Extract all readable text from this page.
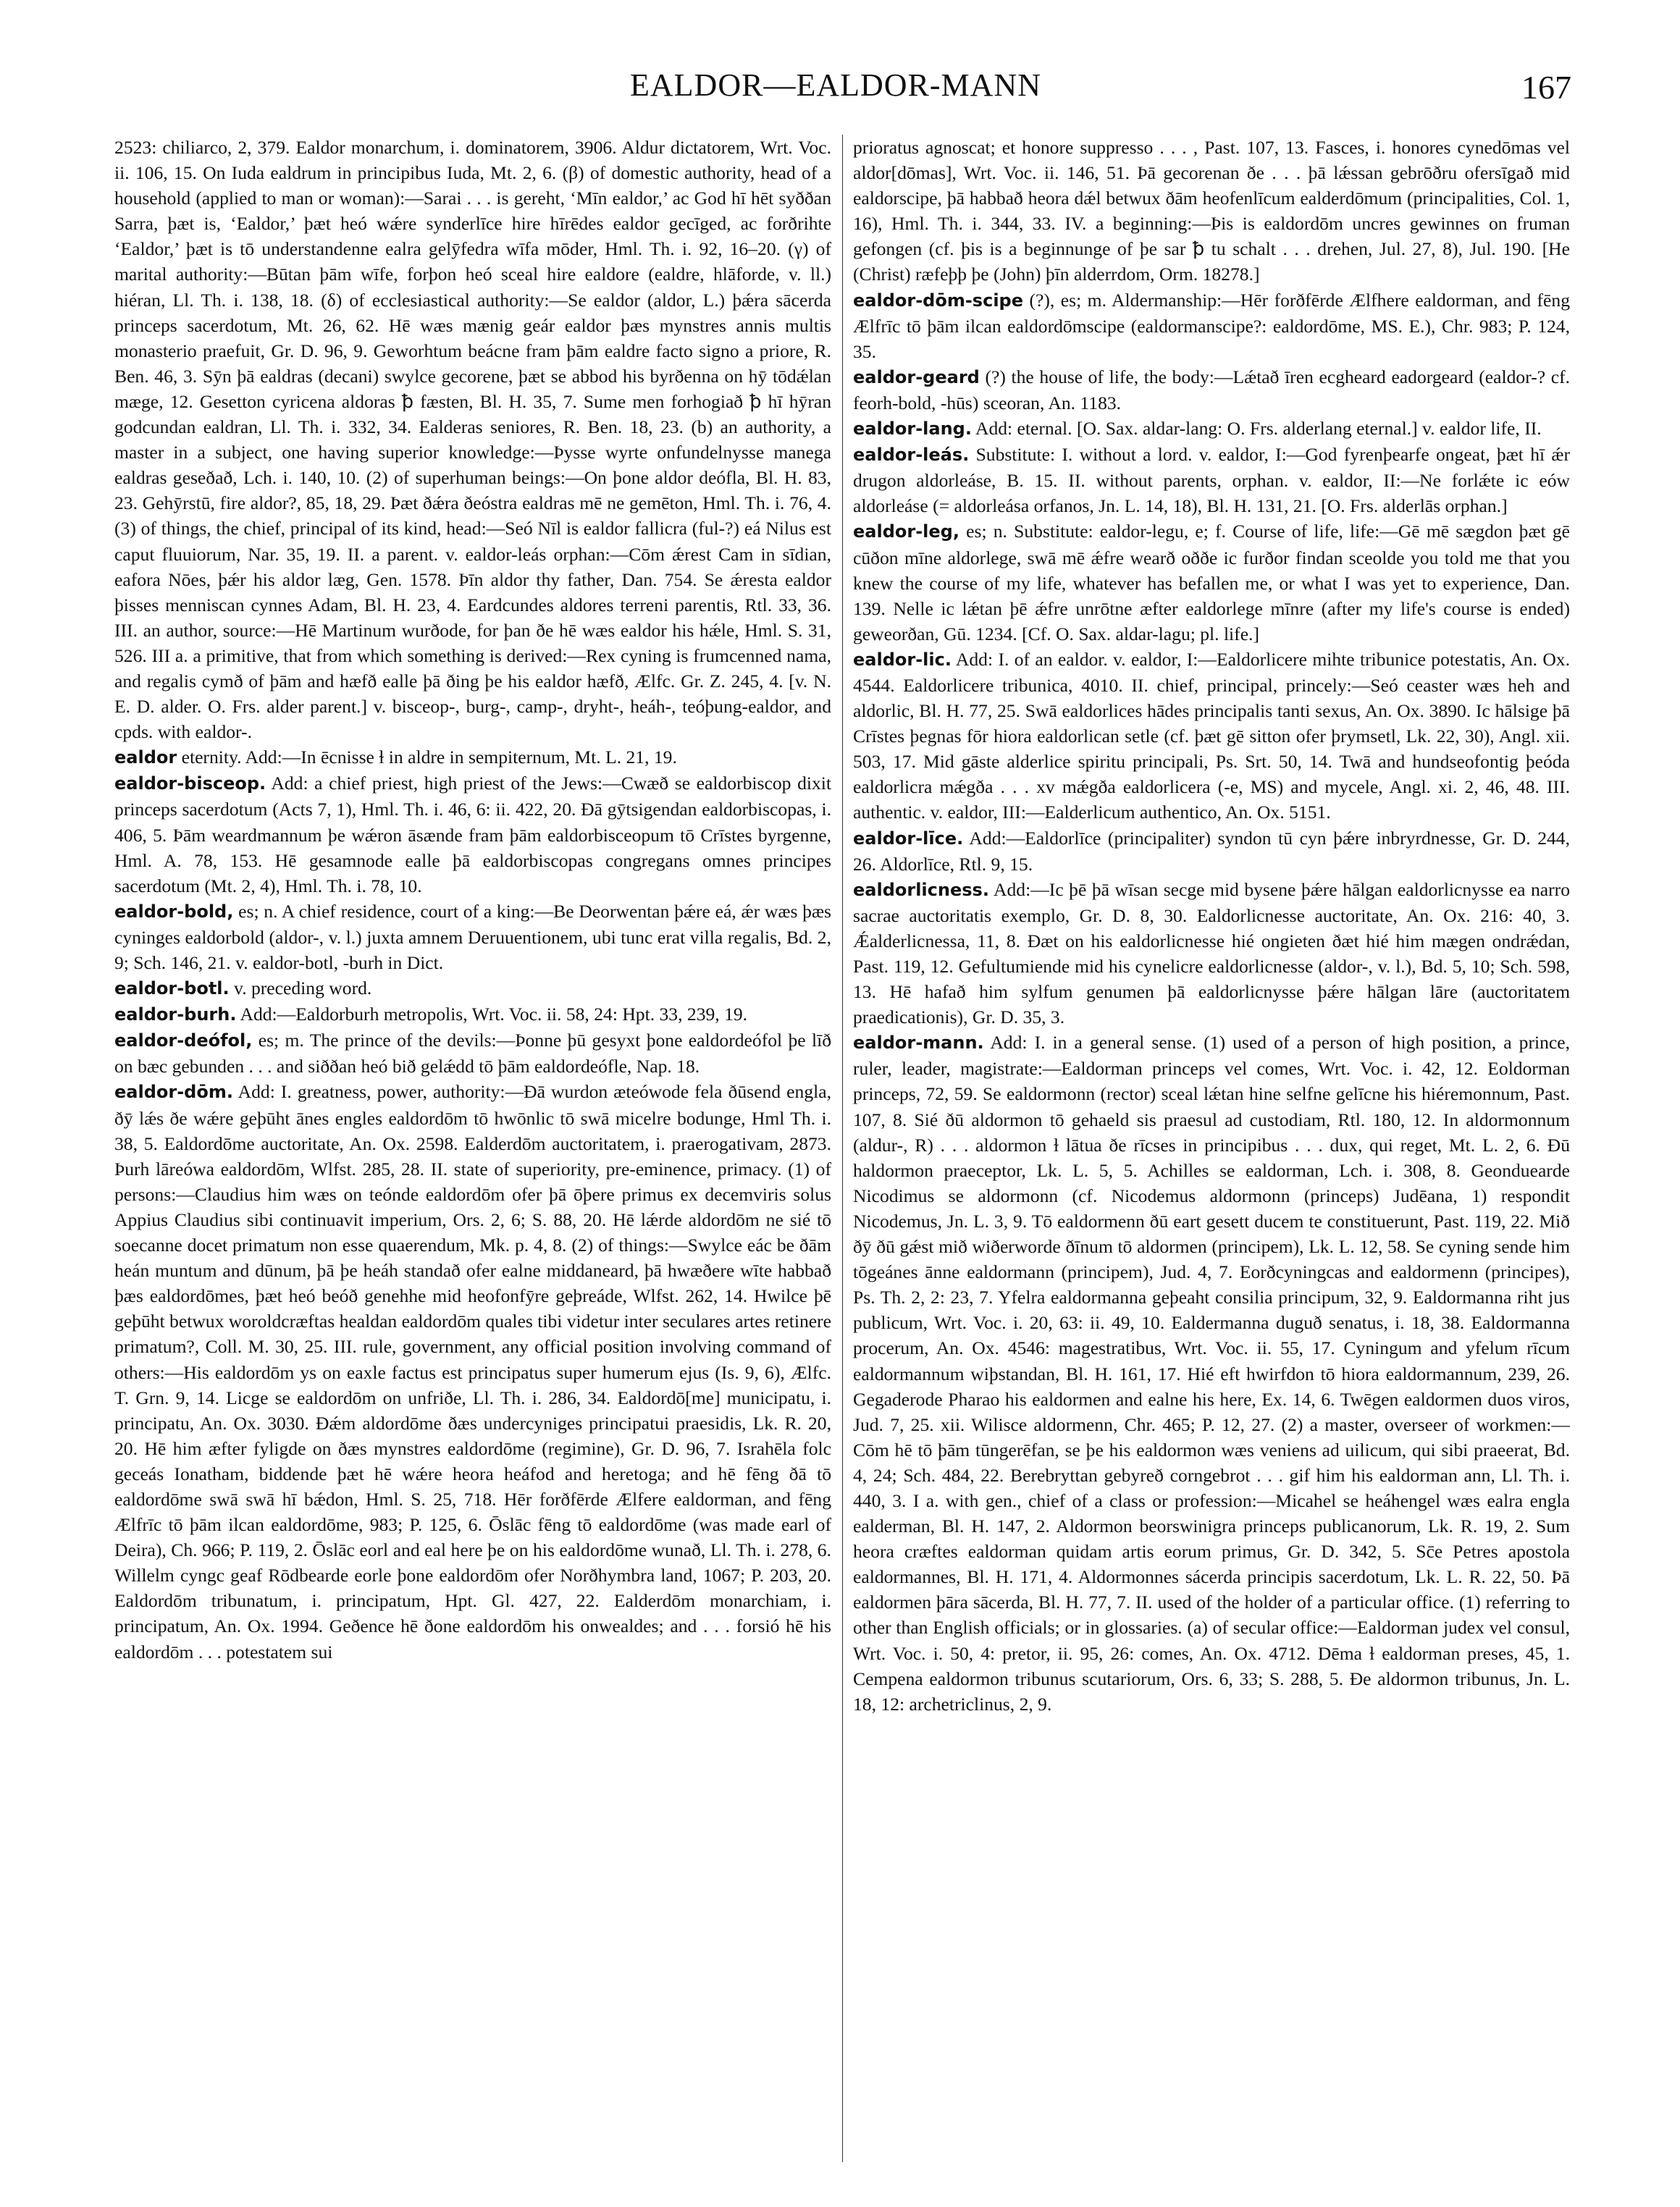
EALDOR—EALDOR-MANN	167

2523: chiliarco, 2, 379. Ealdor monarchum, i. dominatorem, 3906. Aldur dictatorem, Wrt. Voc. ii. 106, 15. On Iuda ealdrum in principibus Iuda, Mt. 2, 6. (β) of domestic authority, head of a household (applied to man or woman):—Sarai . . . is gereht, ‘Mīn ealdor,’ ac God hī hēt syððan Sarra, þæt is, ‘Ealdor,’ þæt heó wǽre synderlīce hire hīrēdes ealdor gecīged, ac forðrihte ‘Ealdor,’ þæt is tō understandenne ealra gelȳfedra wīfa mōder, Hml. Th. i. 92, 16–20. (γ) of marital authority:—Būtan þām wīfe, forþon heó sceal hire ealdore (ealdre, hlāforde, v. ll.) hiéran, Ll. Th. i. 138, 18. (δ) of ecclesiastical authority:—Se ealdor (aldor, L.) þǽra sācerda princeps sacerdotum, Mt. 26, 62. Hē wæs mænig geár ealdor þæs mynstres annis multis monasterio praefuit, Gr. D. 96, 9. Geworhtum beácne fram þām ealdre facto signo a priore, R. Ben. 46, 3. Sȳn þā ealdras (decani) swylce gecorene, þæt se abbod his byrðenna on hȳ tōdǽlan mæge, 12. Gesetton cyricena aldoras ꝥ fæsten, Bl. H. 35, 7. Sume men forhogiað ꝥ hī hȳran godcundan ealdran, Ll. Th. i. 332, 34. Ealderas seniores, R. Ben. 18, 23. (b) an authority, a master in a subject, one having superior knowledge:—Þysse wyrte onfundelnysse manega ealdras geseðað, Lch. i. 140, 10. (2) of superhuman beings:—On þone aldor deófla, Bl. H. 83, 23. Gehȳrstū, fire aldor?, 85, 18, 29. Þæt ðǽra ðeóstra ealdras mē ne gemēton, Hml. Th. i. 76, 4. (3) of things, the chief, principal of its kind, head:—Seó Nīl is ealdor fallicra (ful-?) eá Nilus est caput fluuiorum, Nar. 35, 19. II. a parent. v. ealdor-leás orphan:—Cōm ǽrest Cam in sīdian, eafora Nōes, þǽr his aldor læg, Gen. 1578. Þīn aldor thy father, Dan. 754. Se ǽresta ealdor þisses menniscan cynnes Adam, Bl. H. 23, 4. Eardcundes aldores terreni parentis, Rtl. 33, 36. III. an author, source:—Hē Martinum wurðode, for þan ðe hē wæs ealdor his hǽle, Hml. S. 31, 526. III a. a primitive, that from which something is derived:—Rex cyning is frumcenned nama, and regalis cymð of þām and hæfð ealle þā ðing þe his ealdor hæfð, Ælfc. Gr. Z. 245, 4. [v. N. E. D. alder. O. Frs. alder parent.] v. bisceop-, burg-, camp-, dryht-, heáh-, teóþung-ealdor, and cpds. with ealdor-.

ealdor eternity. Add:—In ēcnisse ɫ in aldre in sempiternum, Mt. L. 21, 19.

ealdor-bisceop. Add: a chief priest, high priest of the Jews:—Cwæð se ealdorbiscop dixit princeps sacerdotum (Acts 7, 1), Hml. Th. i. 46, 6: ii. 422, 20. Ðā gȳtsigendan ealdorbiscopas, i. 406, 5. Þām weardmannum þe wǽron āsænde fram þām ealdorbisceopum tō Crīstes byrgenne, Hml. A. 78, 153. Hē gesamnode ealle þā ealdorbiscopas congregans omnes principes sacerdotum (Mt. 2, 4), Hml. Th. i. 78, 10.

ealdor-bold, es; n. A chief residence, court of a king:—Be Deorwentan þǽre eá, ǽr wæs þæs cyninges ealdorbold (aldor-, v. l.) juxta amnem Deruuentionem, ubi tunc erat villa regalis, Bd. 2, 9; Sch. 146, 21. v. ealdor-botl, -burh in Dict.

ealdor-botl. v. preceding word.

ealdor-burh. Add:—Ealdorburh metropolis, Wrt. Voc. ii. 58, 24: Hpt. 33, 239, 19.

ealdor-deófol, es; m. The prince of the devils:—Þonne þū gesyxt þone ealdordeófol þe līð on bæc gebunden . . . and siððan heó bið gelǽdd tō þām ealdordeófle, Nap. 18.

ealdor-dōm. Add: I. greatness, power, authority:—Ðā wurdon æteówode fela ðūsend engla, ðȳ lǽs ðe wǽre geþūht ānes engles ealdordōm tō hwōnlic tō swā micelre bodunge, Hml Th. i. 38, 5. Ealdordōme auctoritate, An. Ox. 2598. Ealderdōm auctoritatem, i. praerogativam, 2873. Þurh lāreówa ealdordōm, Wlfst. 285, 28. II. state of superiority, pre-eminence, primacy. (1) of persons:—Claudius him wæs on teónde ealdordōm ofer þā ōþere primus ex decemviris solus Appius Claudius sibi continuavit imperium, Ors. 2, 6; S. 88, 20. Hē lǽrde aldordōm ne sié tō soecanne docet primatum non esse quaerendum, Mk. p. 4, 8. (2) of things:—Swylce eác be ðām heán muntum and dūnum, þā þe heáh standað ofer ealne middaneard, þā hwæðere wīte habbað þæs ealdordōmes, þæt heó beóð genehhe mid heofonfȳre geþreáde, Wlfst. 262, 14. Hwilce þē geþūht betwux woroldcræftas healdan ealdordōm quales tibi videtur inter seculares artes retinere primatum?, Coll. M. 30, 25. III. rule, government, any official position involving command of others:—His ealdordōm ys on eaxle factus est principatus super humerum ejus (Is. 9, 6), Ælfc. T. Grn. 9, 14. Licge se ealdordōm on unfriðe, Ll. Th. i. 286, 34. Ealdordō[me] municipatu, i. principatu, An. Ox. 3030. Ðǽm aldordōme ðæs undercyniges principatui praesidis, Lk. R. 20, 20. Hē him æfter fyligde on ðæs mynstres ealdordōme (regimine), Gr. D. 96, 7. Israhēla folc geceás Ionatham, biddende þæt hē wǽre heora heáfod and heretoga; and hē fēng ðā tō ealdordōme swā swā hī bǽdon, Hml. S. 25, 718. Hēr forðfērde Ælfere ealdorman, and fēng Ælfrīc tō þām ilcan ealdordōme, 983; P. 125, 6. Ōslāc fēng tō ealdordōme (was made earl of Deira), Ch. 966; P. 119, 2. Ōslāc eorl and eal here þe on his ealdordōme wunað, Ll. Th. i. 278, 6. Willelm cyngc geaf Rōdbearde eorle þone ealdordōm ofer Norðhymbra land, 1067; P. 203, 20. Ealdordōm tribunatum, i. principatum, Hpt. Gl. 427, 22. Ealderdōm monarchiam, i. principatum, An. Ox. 1994. Geðence hē ðone ealdordōm his onwealdes; and . . . forsió hē his ealdordōm . . . potestatem sui

prioratus agnoscat; et honore suppresso . . . , Past. 107, 13. Fasces, i. honores cynedōmas vel aldor[dōmas], Wrt. Voc. ii. 146, 51. Þā gecorenan ðe . . . þā lǽssan gebrōðru ofersīgað mid ealdorscipe, þā habbað heora dǽl betwux ðām heofenlīcum ealderdōmum (principalities, Col. 1, 16), Hml. Th. i. 344, 33. IV. a beginning:—Þis is ealdordōm uncres gewinnes on fruman gefongen (cf. þis is a beginnunge of þe sar ꝥ tu schalt . . . drehen, Jul. 27, 8), Jul. 190. [He (Christ) ræfeþþ þe (John) þīn alderrdom, Orm. 18278.]

ealdor-dōm-scipe (?), es; m. Aldermanship:—Hēr forðfērde Ælfhere ealdorman, and fēng Ælfrīc tō þām ilcan ealdordōmscipe (ealdormanscipe?: ealdordōme, MS. E.), Chr. 983; P. 124, 35.

ealdor-geard (?) the house of life, the body:—Lǽtað īren ecgheard eadorgeard (ealdor-? cf. feorh-bold, -hūs) sceoran, An. 1183.

ealdor-lang. Add: eternal. [O. Sax. aldar-lang: O. Frs. alderlang eternal.] v. ealdor life, II.

ealdor-leás. Substitute: I. without a lord. v. ealdor, I:—God fyrenþearfe ongeat, þæt hī ǽr drugon aldorleáse, B. 15. II. without parents, orphan. v. ealdor, II:—Ne forlǽte ic eów aldorleáse (= aldorleása orfanos, Jn. L. 14, 18), Bl. H. 131, 21. [O. Frs. alderlās orphan.]

ealdor-leg, es; n. Substitute: ealdor-legu, e; f. Course of life, life:—Gē mē sægdon þæt gē cūðon mīne aldorlege, swā mē ǽfre wearð oððe ic furðor findan sceolde you told me that you knew the course of my life, whatever has befallen me, or what I was yet to experience, Dan. 139. Nelle ic lǽtan þē ǽfre unrōtne æfter ealdorlege mīnre (after my life's course is ended) geweorðan, Gū. 1234. [Cf. O. Sax. aldar-lagu; pl. life.]

ealdor-lic. Add: I. of an ealdor. v. ealdor, I:—Ealdorlicere mihte tribunice potestatis, An. Ox. 4544. Ealdorlicere tribunica, 4010. II. chief, principal, princely:—Seó ceaster wæs heh and aldorlic, Bl. H. 77, 25. Swā ealdorlices hādes principalis tanti sexus, An. Ox. 3890. Ic hālsige þā Crīstes þegnas fōr hiora ealdorlican setle (cf. þæt gē sitton ofer þrymsetl, Lk. 22, 30), Angl. xii. 503, 17. Mid gāste alderlice spiritu principali, Ps. Srt. 50, 14. Twā and hundseofontig þeóda ealdorlicra mǽgða . . . xv mǽgða ealdorlicera (-e, MS) and mycele, Angl. xi. 2, 46, 48. III. authentic. v. ealdor, III:—Ealderlicum authentico, An. Ox. 5151.

ealdor-līce. Add:—Ealdorlīce (principaliter) syndon tū cyn þǽre inbryrdnesse, Gr. D. 244, 26. Aldorlīce, Rtl. 9, 15.

ealdorlicness. Add:—Ic þē þā wīsan secge mid bysene þǽre hālgan ealdorlicnysse ea narro sacrae auctoritatis exemplo, Gr. D. 8, 30. Ealdorlicnesse auctoritate, An. Ox. 216: 40, 3. Ǽalderlicnessa, 11, 8. Ðæt on his ealdorlicnesse hié ongieten ðæt hié him mægen ondrǽdan, Past. 119, 12. Gefultumiende mid his cynelicre ealdorlicnesse (aldor-, v. l.), Bd. 5, 10; Sch. 598, 13. Hē hafað him sylfum genumen þā ealdorlicnysse þǽre hālgan lāre (auctoritatem praedicationis), Gr. D. 35, 3.

ealdor-mann. Add: I. in a general sense. (1) used of a person of high position, a prince, ruler, leader, magistrate:—Ealdorman princeps vel comes, Wrt. Voc. i. 42, 12. Eoldorman princeps, 72, 59. Se ealdormonn (rector) sceal lǽtan hine selfne gelīcne his hiéremonnum, Past. 107, 8. Sié ðū aldormon tō gehaeld sis praesul ad custodiam, Rtl. 180, 12. In aldormonnum (aldur-, R) . . . aldormon ɫ lātua ðe rīcses in principibus . . . dux, qui reget, Mt. L. 2, 6. Ðū haldormon praeceptor, Lk. L. 5, 5. Achilles se ealdorman, Lch. i. 308, 8. Geonduearde Nicodimus se aldormonn (cf. Nicodemus aldormonn (princeps) Judēana, 1) respondit Nicodemus, Jn. L. 3, 9. Tō ealdormenn ðū eart gesett ducem te constituerunt, Past. 119, 22. Mið ðȳ ðū gǽst mið wiðerworde ðīnum tō aldormen (principem), Lk. L. 12, 58. Se cyning sende him tōgeánes ānne ealdormann (principem), Jud. 4, 7. Eorðcyningcas and ealdormenn (principes), Ps. Th. 2, 2: 23, 7. Yfelra ealdormanna geþeaht consilia principum, 32, 9. Ealdormanna riht jus publicum, Wrt. Voc. i. 20, 63: ii. 49, 10. Ealdermanna duguð senatus, i. 18, 38. Ealdormanna procerum, An. Ox. 4546: magestratibus, Wrt. Voc. ii. 55, 17. Cyningum and yfelum rīcum ealdormannum wiþstandan, Bl. H. 161, 17. Hié eft hwirfdon tō hiora ealdormannum, 239, 26. Gegaderode Pharao his ealdormen and ealne his here, Ex. 14, 6. Twēgen ealdormen duos viros, Jud. 7, 25. xii. Wilisce aldormenn, Chr. 465; P. 12, 27. (2) a master, overseer of workmen:—Cōm hē tō þām tūngerēfan, se þe his ealdormon wæs veniens ad uilicum, qui sibi praeerat, Bd. 4, 24; Sch. 484, 22. Berebryttan gebyreð corngebrot . . . gif him his ealdorman ann, Ll. Th. i. 440, 3. I a. with gen., chief of a class or profession:—Micahel se heáhengel wæs ealra engla ealderman, Bl. H. 147, 2. Aldormon beorswinigra princeps publicanorum, Lk. R. 19, 2. Sum heora cræftes ealdorman quidam artis eorum primus, Gr. D. 342, 5. Sc̄e Petres apostola ealdormannes, Bl. H. 171, 4. Aldormonnes sácerda principis sacerdotum, Lk. L. R. 22, 50. Þā ealdormen þāra sācerda, Bl. H. 77, 7. II. used of the holder of a particular office. (1) referring to other than English officials; or in glossaries. (a) of secular office:—Ealdorman judex vel consul, Wrt. Voc. i. 50, 4: pretor, ii. 95, 26: comes, An. Ox. 4712. Dēma ɫ ealdorman preses, 45, 1. Cempena ealdormon tribunus scutariorum, Ors. 6, 33; S. 288, 5. Ðe aldormon tribunus, Jn. L. 18, 12: archetriclinus, 2, 9.
